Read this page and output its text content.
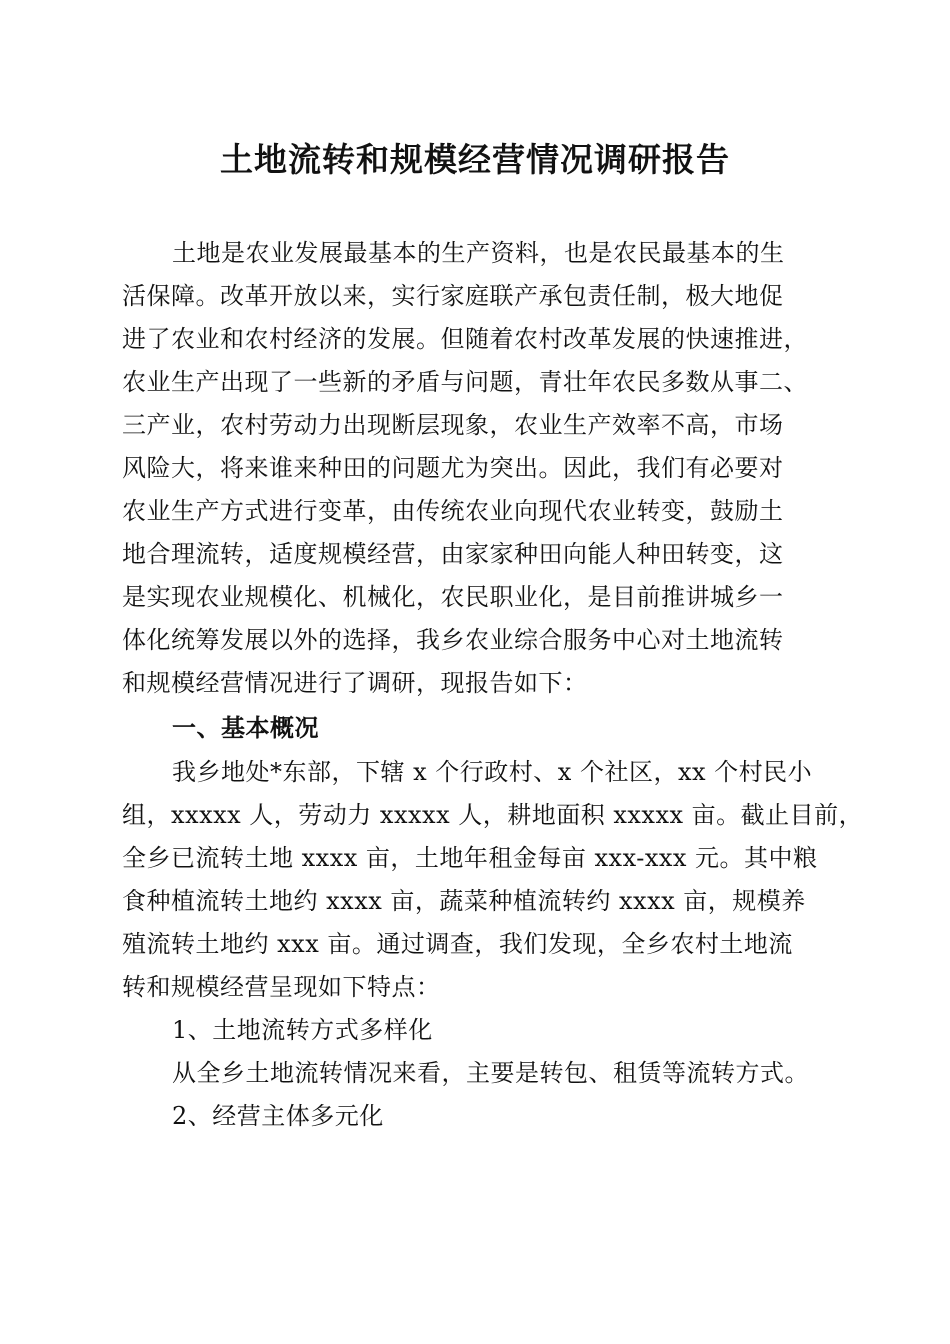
土地流转和规模经营情况调研报告
土地是农业发展最基本的生产资料，也是农民最基本的生
活保障。改革开放以来，实行家庭联产承包责任制，极大地促
进了农业和农村经济的发展。但随着农村改革发展的快速推进，
农业生产出现了一些新的矛盾与问题，青壮年农民多数从事二、
三产业，农村劳动力出现断层现象，农业生产效率不高，市场
风险大，将来谁来种田的问题尤为突出。因此，我们有必要对
农业生产方式进行变革，由传统农业向现代农业转变，鼓励土
地合理流转，适度规模经营，由家家种田向能人种田转变，这
是实现农业规模化、机械化，农民职业化，是目前推讲城乡一
体化统筹发展以外的选择，我乡农业综合服务中心对土地流转
和规模经营情况进行了调研，现报告如下：
一、基本概况
我乡地处*东部，下辖 x 个行政村、x 个社区，xx 个村民小
组，xxxxx 人，劳动力 xxxxx 人，耕地面积 xxxxx 亩。截止目前，
全乡已流转土地 xxxx 亩，土地年租金每亩 xxx-xxx 元。其中粮
食种植流转土地约 xxxx 亩，蔬菜种植流转约 xxxx 亩，规模养
殖流转土地约 xxx 亩。通过调查，我们发现，全乡农村土地流
转和规模经营呈现如下特点：
1、土地流转方式多样化
从全乡土地流转情况来看，主要是转包、租赁等流转方式。
2、经营主体多元化
